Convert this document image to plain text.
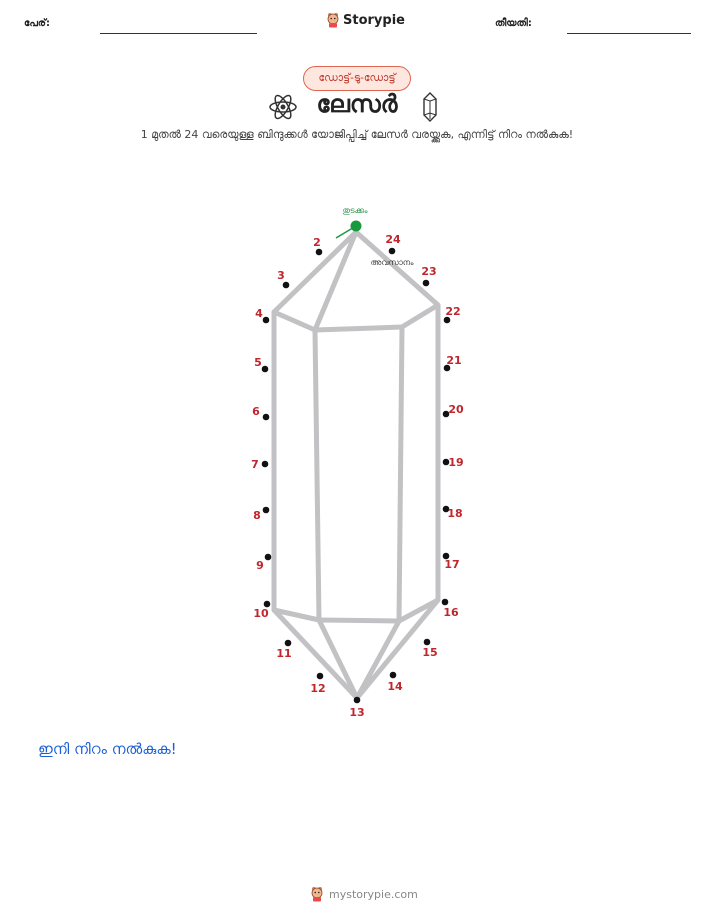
പേര്:	Storypie	തീയതി:
ഡോട്ട്-ടു-ഡോട്ട്
ലേസർ
1 മുതൽ 24 വരെയുള്ള ബിന്ദുക്കൾ യോജിപ്പിച്ച് ലേസർ വരയ്ക്കുക, എന്നിട്ട് നിറം നൽകുക!
2
3
4
5
6
7
8
9
10
11
12
13
14
15
16
17
18
19
20
21
22
23
24
തുടക്കം
അവസാനം
ഇനി നിറം നൽകുക!
mystorypie.com
